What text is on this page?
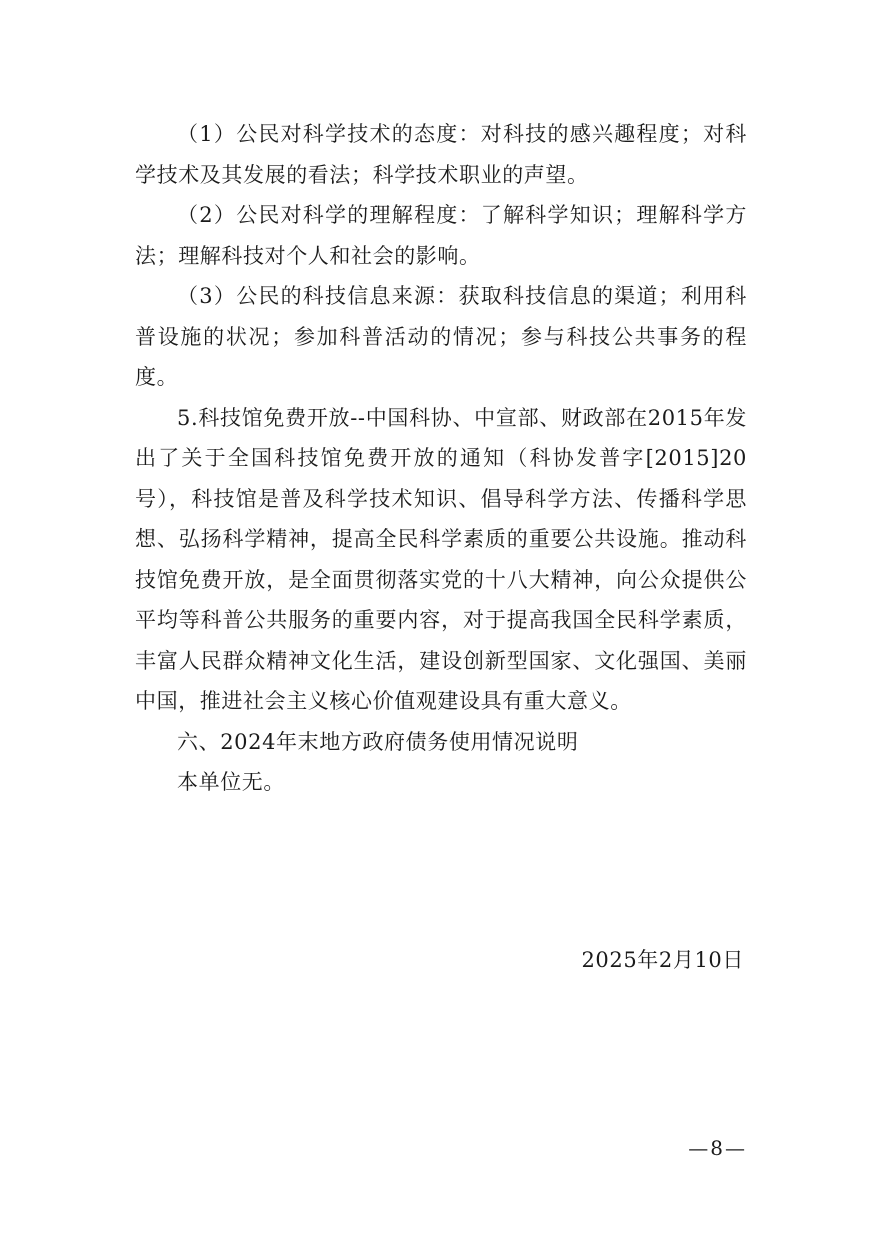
（1）公民对科学技术的态度：对科技的感兴趣程度；对科学技术及其发展的看法；科学技术职业的声望。

（2）公民对科学的理解程度：了解科学知识；理解科学方法；理解科技对个人和社会的影响。

（3）公民的科技信息来源：获取科技信息的渠道；利用科普设施的状况；参加科普活动的情况；参与科技公共事务的程度。

5.科技馆免费开放--中国科协、中宣部、财政部在2015年发出了关于全国科技馆免费开放的通知（科协发普字[2015]20号），科技馆是普及科学技术知识、倡导科学方法、传播科学思想、弘扬科学精神，提高全民科学素质的重要公共设施。推动科技馆免费开放，是全面贯彻落实党的十八大精神，向公众提供公平均等科普公共服务的重要内容，对于提高我国全民科学素质，丰富人民群众精神文化生活，建设创新型国家、文化强国、美丽中国，推进社会主义核心价值观建设具有重大意义。

六、2024年末地方政府债务使用情况说明

本单位无。

2025年2月10日
—8—
